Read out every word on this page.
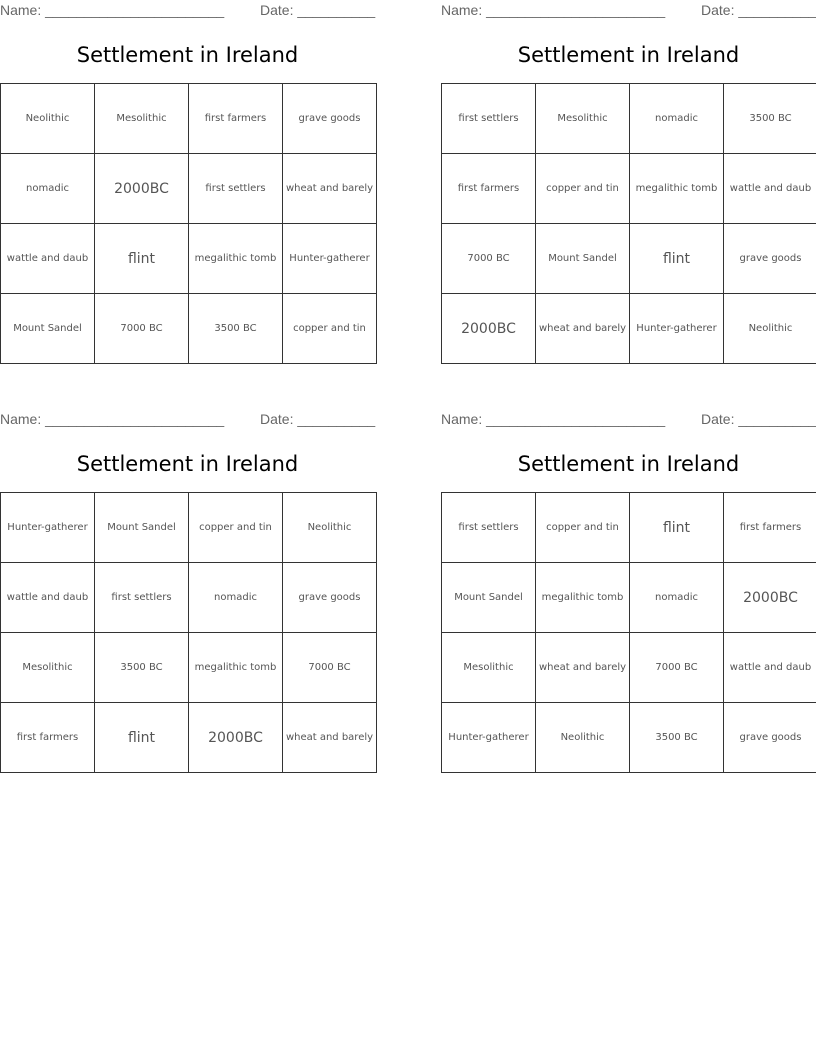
Name: _______________________	Date: __________
Settlement in Ireland
Neolithic	Mesolithic	first farmers	grave goods
nomadic	2000BC	first settlers	wheat and barely
wattle and daub	flint	megalithic tomb	Hunter-gatherer
Mount Sandel	7000 BC	3500 BC	copper and tin
Name: _______________________	Date: __________
Settlement in Ireland
first settlers	Mesolithic	nomadic	3500 BC
first farmers	copper and tin	megalithic tomb	wattle and daub
7000 BC	Mount Sandel	flint	grave goods
2000BC	wheat and barely	Hunter-gatherer	Neolithic
Name: _______________________	Date: __________
Settlement in Ireland
Hunter-gatherer	Mount Sandel	copper and tin	Neolithic
wattle and daub	first settlers	nomadic	grave goods
Mesolithic	3500 BC	megalithic tomb	7000 BC
first farmers	flint	2000BC	wheat and barely
Name: _______________________	Date: __________
Settlement in Ireland
first settlers	copper and tin	flint	first farmers
Mount Sandel	megalithic tomb	nomadic	2000BC
Mesolithic	wheat and barely	7000 BC	wattle and daub
Hunter-gatherer	Neolithic	3500 BC	grave goods
